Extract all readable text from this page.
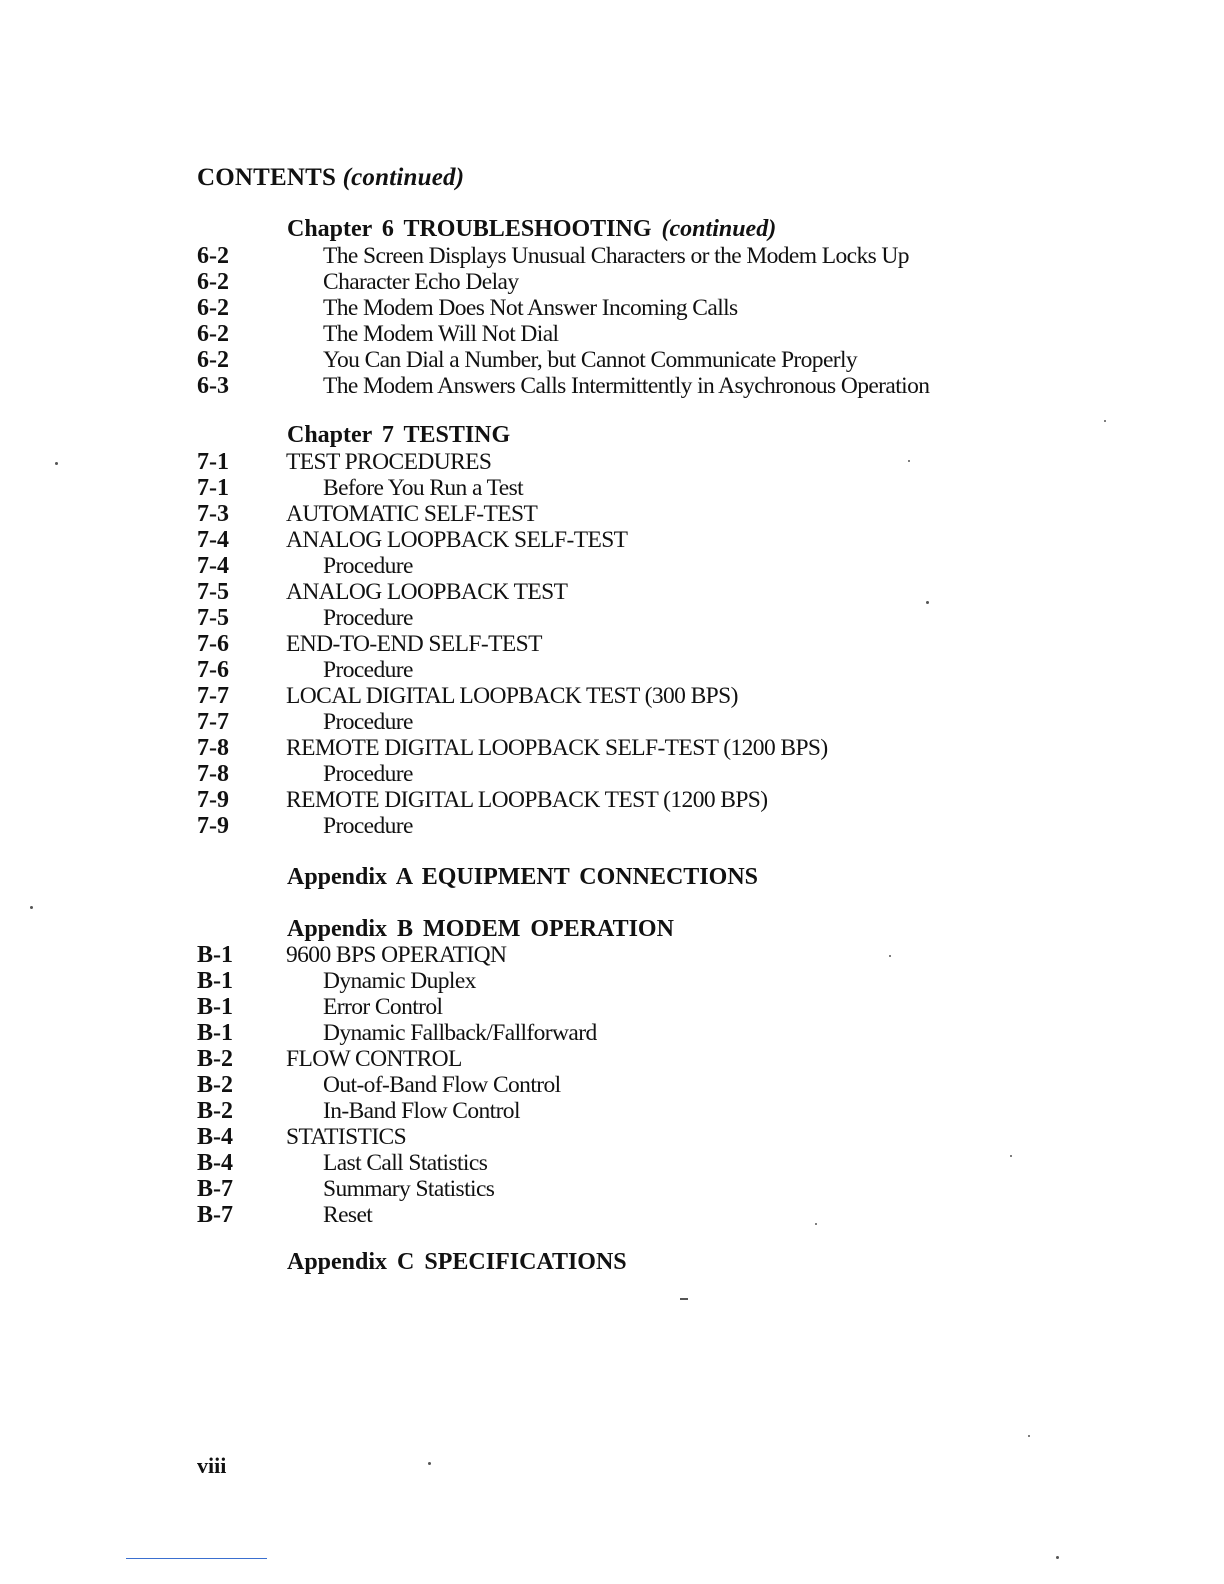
CONTENTS (continued)
Chapter 6 TROUBLESHOOTING (continued)
6-2	The Screen Displays Unusual Characters or the Modem Locks Up
6-2	Character Echo Delay
6-2	The Modem Does Not Answer Incoming Calls
6-2	The Modem Will Not Dial
6-2	You Can Dial a Number, but Cannot Communicate Properly
6-3	The Modem Answers Calls Intermittently in Asychronous Operation
Chapter 7 TESTING
7-1 TEST PROCEDURES
7-1	Before You Run a Test
7-3 AUTOMATIC SELF-TEST
7-4 ANALOG LOOPBACK SELF-TEST
7-4	Procedure
7-5 ANALOG LOOPBACK TEST
7-5	Procedure
7-6 END-TO-END SELF-TEST
7-6	Procedure
7-7 LOCAL DIGITAL LOOPBACK TEST (300 BPS)
7-7	Procedure
7-8 REMOTE DIGITAL LOOPBACK SELF-TEST (1200 BPS)
7-8	Procedure
7-9 REMOTE DIGITAL LOOPBACK TEST (1200 BPS)
7-9	Procedure
Appendix A EQUIPMENT CONNECTIONS
Appendix B MODEM OPERATION
B-1 9600 BPS OPERATIQN
B-1	Dynamic Duplex
B-1	Error Control
B-1	Dynamic Fallback/Fallforward
B-2 FLOW CONTROL
B-2	Out-of-Band Flow Control
B-2	In-Band Flow Control
B-4 STATISTICS
B-4	Last Call Statistics
B-7	Summary Statistics
B-7	Reset
Appendix C SPECIFICATIONS
viii
